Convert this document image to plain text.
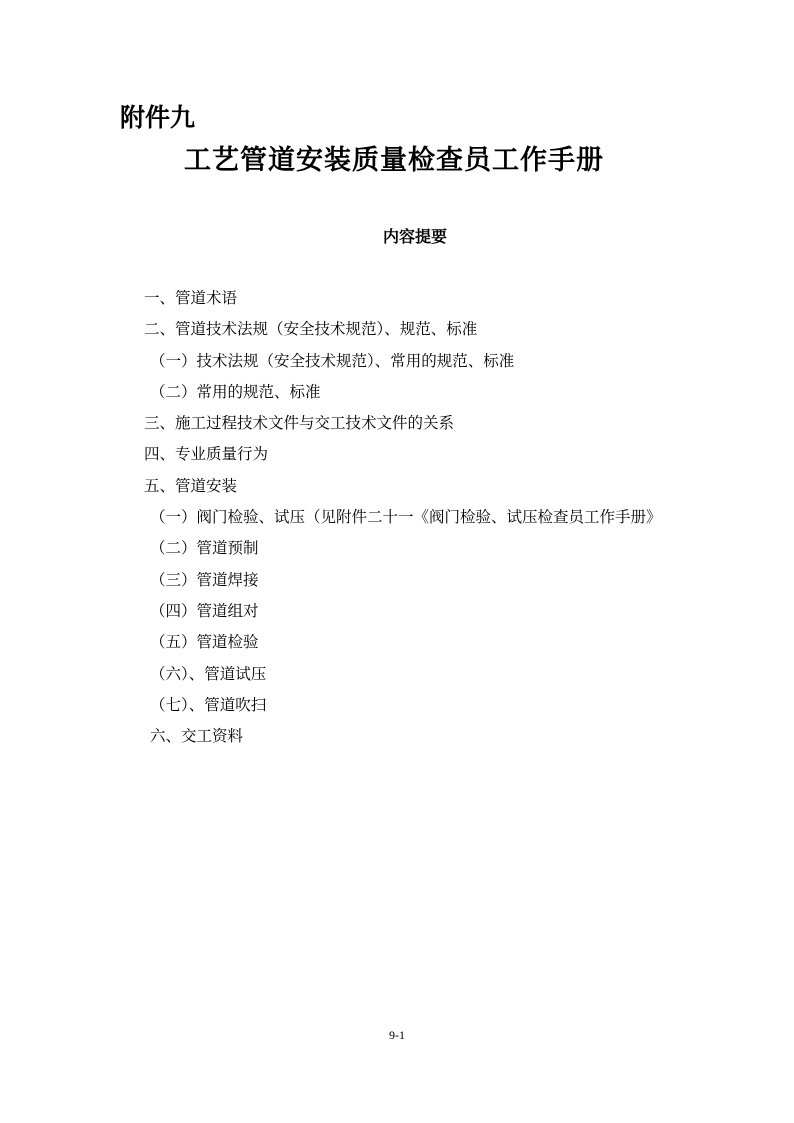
附件九
工艺管道安装质量检查员工作手册
内容提要
一、管道术语
二、管道技术法规（安全技术规范）、规范、标准
（一）技术法规（安全技术规范）、常用的规范、标准
（二）常用的规范、标准
三、施工过程技术文件与交工技术文件的关系
四、专业质量行为
五、管道安装
（一）阀门检验、试压（见附件二十一《阀门检验、试压检查员工作手册》
（二）管道预制
（三）管道焊接
（四）管道组对
（五）管道检验
（六）、管道试压
（七）、管道吹扫
六、交工资料
9-1
